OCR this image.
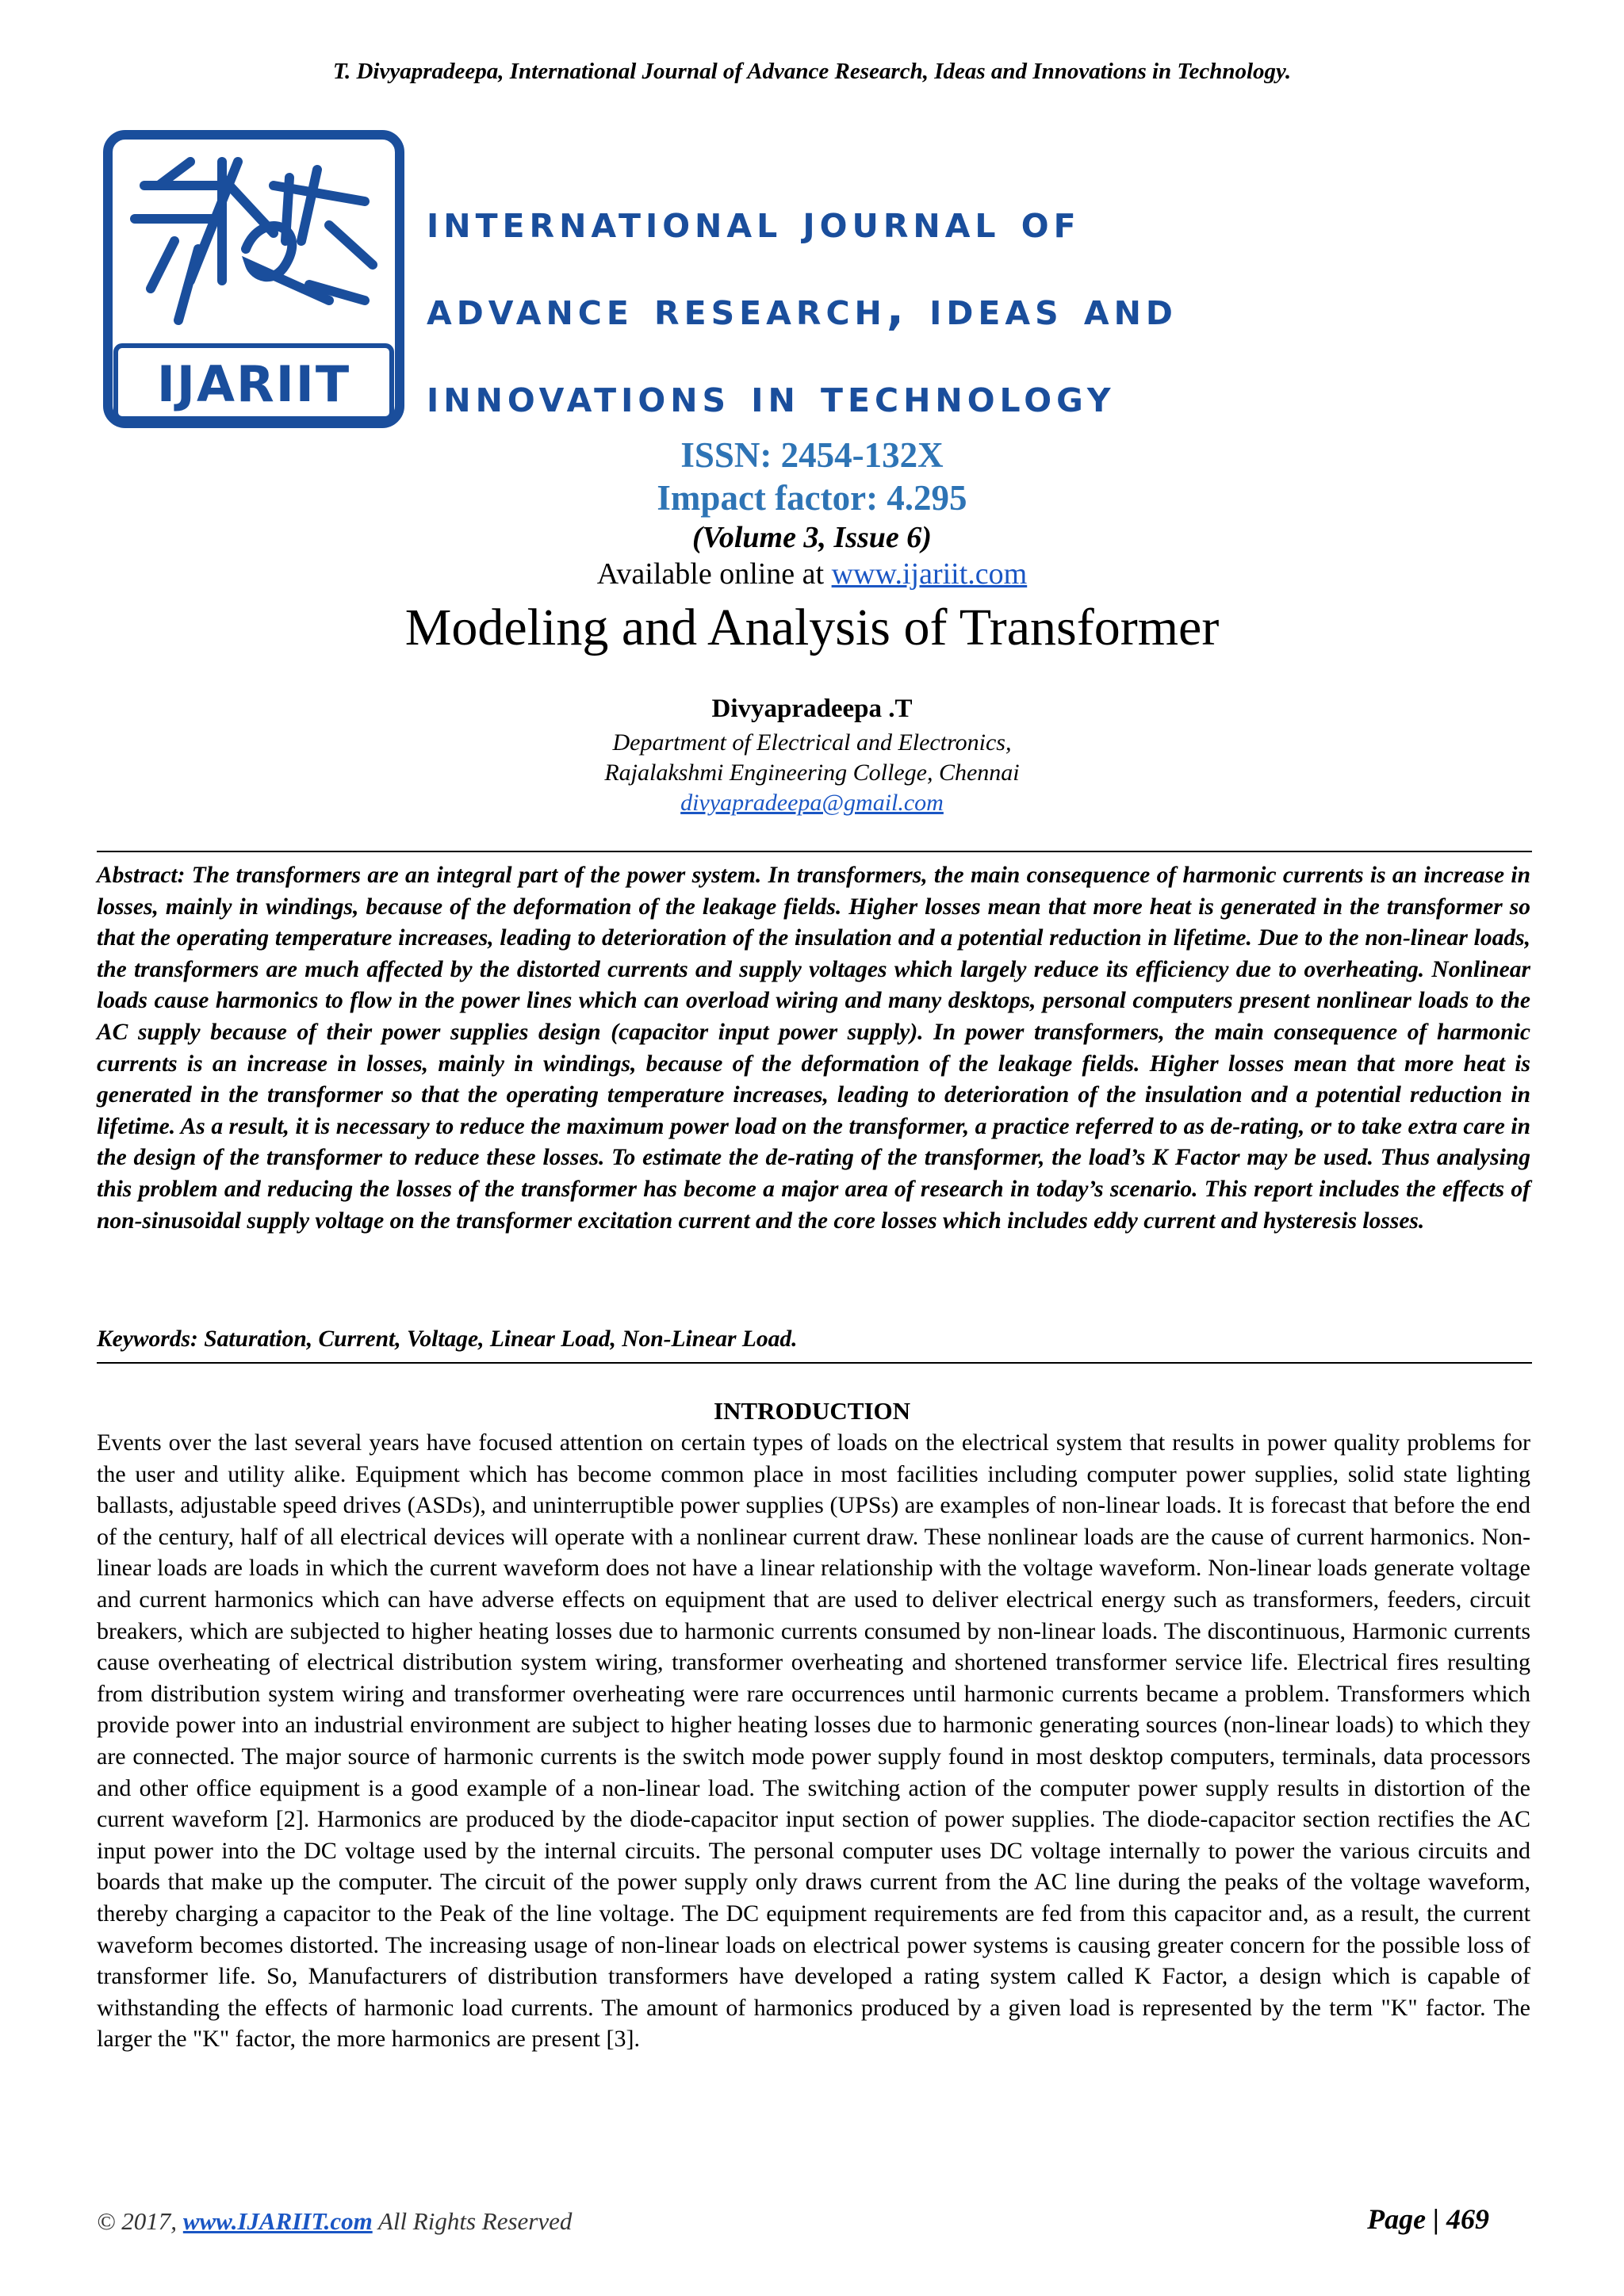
T. Divyapradeepa, International Journal of Advance Research, Ideas and Innovations in Technology.
IJARIIT
international journal of
advance research, ideas and
innovations in technology
ISSN: 2454-132X
Impact factor: 4.295
(Volume 3, Issue 6)
Available online at www.ijariit.com
Modeling and Analysis of Transformer
Divyapradeepa .T
Department of Electrical and Electronics,
Rajalakshmi Engineering College, Chennai
divyapradeepa@gmail.com

Abstract: The transformers are an integral part of the power system. In transformers, the main consequence of harmonic currents is an increase in losses, mainly in windings, because of the deformation of the leakage fields. Higher losses mean that more heat is generated in the transformer so that the operating temperature increases, leading to deterioration of the insulation and a potential reduction in lifetime. Due to the non-linear loads, the transformers are much affected by the distorted currents and supply voltages which largely reduce its efficiency due to overheating. Nonlinear loads cause harmonics to flow in the power lines which can overload wiring and many desktops, personal computers present nonlinear loads to the AC supply because of their power supplies design (capacitor input power supply). In power transformers, the main consequence of harmonic currents is an increase in losses, mainly in windings, because of the deformation of the leakage fields. Higher losses mean that more heat is generated in the transformer so that the operating temperature increases, leading to deterioration of the insulation and a potential reduction in lifetime. As a result, it is necessary to reduce the maximum power load on the transformer, a practice referred to as de-rating, or to take extra care in the design of the transformer to reduce these losses. To estimate the de-rating of the transformer, the load’s K Factor may be used. Thus analysing this problem and reducing the losses of the transformer has become a major area of research in today’s scenario. This report includes the effects of non-sinusoidal supply voltage on the transformer excitation current and the core losses which includes eddy current and hysteresis losses.

Keywords: Saturation, Current, Voltage, Linear Load, Non-Linear Load.

INTRODUCTION

Events over the last several years have focused attention on certain types of loads on the electrical system that results in power quality problems for the user and utility alike. Equipment which has become common place in most facilities including computer power supplies, solid state lighting ballasts, adjustable speed drives (ASDs), and uninterruptible power supplies (UPSs) are examples of non-linear loads. It is forecast that before the end of the century, half of all electrical devices will operate with a nonlinear current draw. These nonlinear loads are the cause of current harmonics. Non-linear loads are loads in which the current waveform does not have a linear relationship with the voltage waveform. Non-linear loads generate voltage and current harmonics which can have adverse effects on equipment that are used to deliver electrical energy such as transformers, feeders, circuit breakers, which are subjected to higher heating losses due to harmonic currents consumed by non-linear loads. The discontinuous, Harmonic currents cause overheating of electrical distribution system wiring, transformer overheating and shortened transformer service life. Electrical fires resulting from distribution system wiring and transformer overheating were rare occurrences until harmonic currents became a problem. Transformers which provide power into an industrial environment are subject to higher heating losses due to harmonic generating sources (non-linear loads) to which they are connected. The major source of harmonic currents is the switch mode power supply found in most desktop computers, terminals, data processors and other office equipment is a good example of a non-linear load. The switching action of the computer power supply results in distortion of the current waveform [2]. Harmonics are produced by the diode-capacitor input section of power supplies. The diode-capacitor section rectifies the AC input power into the DC voltage used by the internal circuits. The personal computer uses DC voltage internally to power the various circuits and boards that make up the computer. The circuit of the power supply only draws current from the AC line during the peaks of the voltage waveform, thereby charging a capacitor to the Peak of the line voltage. The DC equipment requirements are fed from this capacitor and, as a result, the current waveform becomes distorted. The increasing usage of non-linear loads on electrical power systems is causing greater concern for the possible loss of transformer life. So, Manufacturers of distribution transformers have developed a rating system called K Factor, a design which is capable of withstanding the effects of harmonic load currents. The amount of harmonics produced by a given load is represented by the term "K" factor. The larger the "K" factor, the more harmonics are present [3].

© 2017, www.IJARIIT.com All Rights Reserved	Page | 469
